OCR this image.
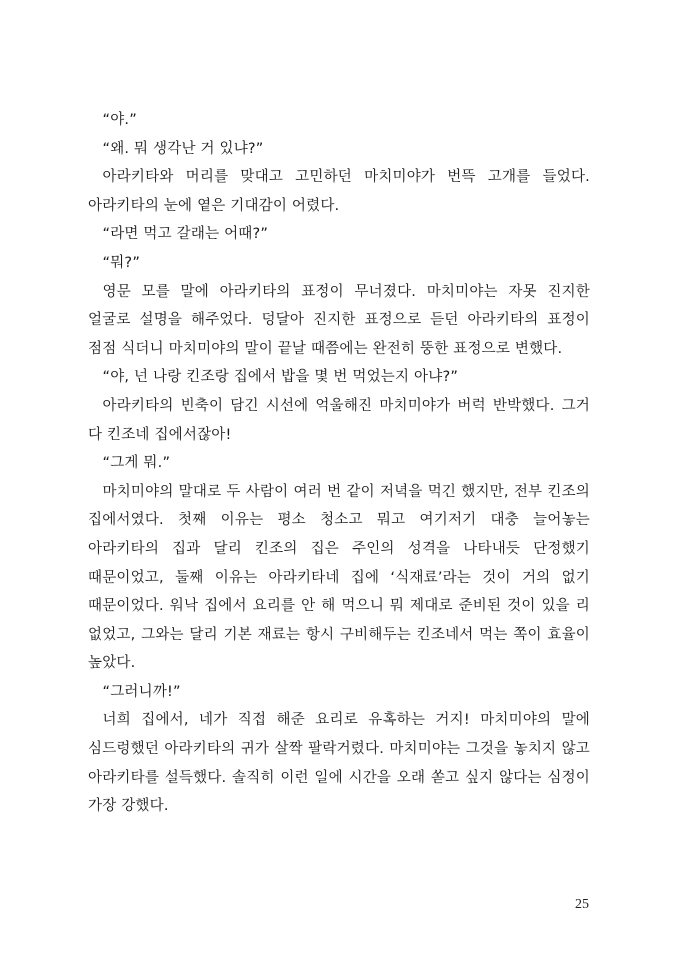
“야.”

“왜. 뭐 생각난 거 있냐?”

아라키타와 머리를 맞대고 고민하던 마치미야가 번뜩 고개를 들었다. 아라키타의 눈에 옅은 기대감이 어렸다.

“라면 먹고 갈래는 어때?”

“뭐?”

영문 모를 말에 아라키타의 표정이 무너졌다. 마치미야는 자못 진지한 얼굴로 설명을 해주었다. 덩달아 진지한 표정으로 듣던 아라키타의 표정이 점점 식더니 마치미야의 말이 끝날 때쯤에는 완전히 뚱한 표정으로 변했다.

“야, 넌 나랑 킨조랑 집에서 밥을 몇 번 먹었는지 아냐?”

아라키타의 빈축이 담긴 시선에 억울해진 마치미야가 버럭 반박했다. 그거 다 킨조네 집에서잖아!

“그게 뭐.”

마치미야의 말대로 두 사람이 여러 번 같이 저녁을 먹긴 했지만, 전부 킨조의 집에서였다. 첫째 이유는 평소 청소고 뭐고 여기저기 대충 늘어놓는 아라키타의 집과 달리 킨조의 집은 주인의 성격을 나타내듯 단정했기 때문이었고, 둘째 이유는 아라키타네 집에 ‘식재료’라는 것이 거의 없기 때문이었다. 워낙 집에서 요리를 안 해 먹으니 뭐 제대로 준비된 것이 있을 리 없었고, 그와는 달리 기본 재료는 항시 구비해두는 킨조네서 먹는 쪽이 효율이 높았다.

“그러니까!”

너희 집에서, 네가 직접 해준 요리로 유혹하는 거지! 마치미야의 말에 심드렁했던 아라키타의 귀가 살짝 팔락거렸다. 마치미야는 그것을 놓치지 않고 아라키타를 설득했다. 솔직히 이런 일에 시간을 오래 쏟고 싶지 않다는 심정이 가장 강했다.

25
